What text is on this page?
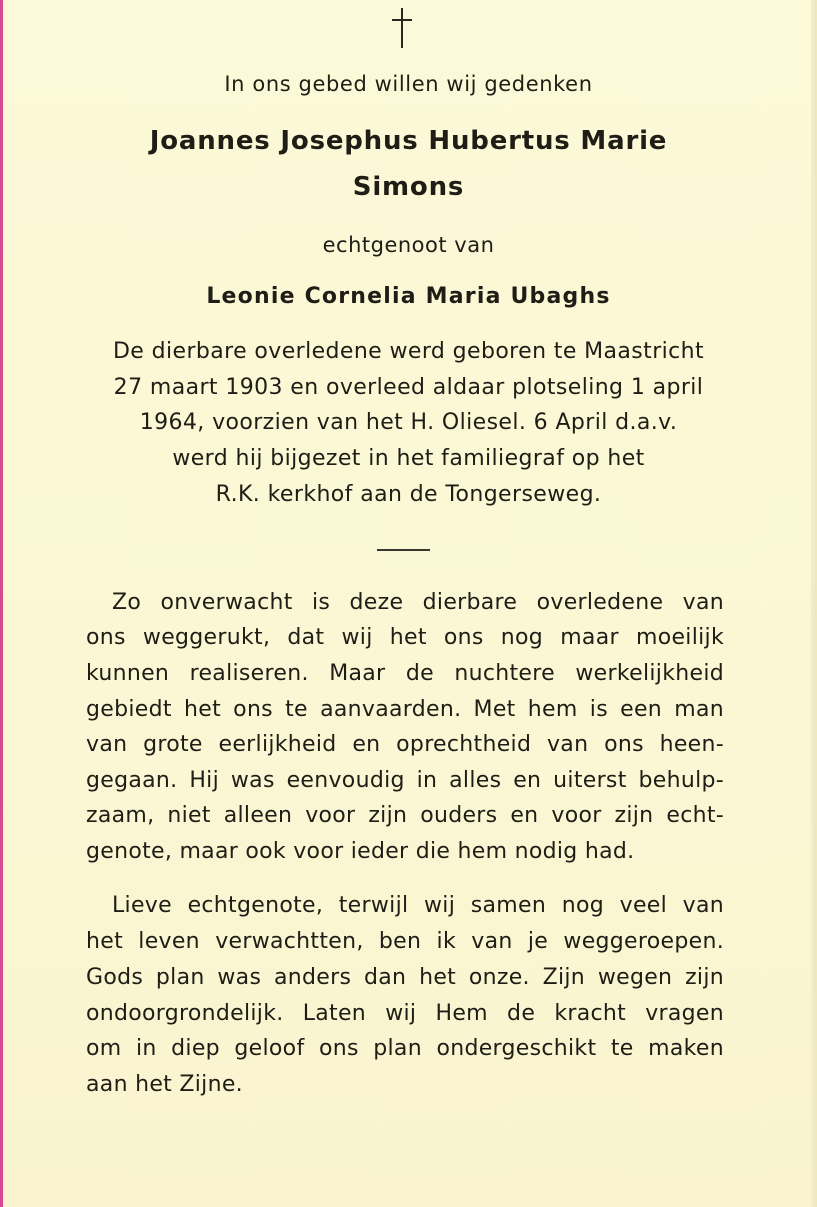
In ons gebed willen wij gedenken
Joannes Josephus Hubertus Marie
Simons
echtgenoot van
Leonie Cornelia Maria Ubaghs
De dierbare overledene werd geboren te Maastricht
27 maart 1903 en overleed aldaar plotseling 1 april
1964, voorzien van het H. Oliesel. 6 April d.a.v.
werd hij bijgezet in het familiegraf op het
R.K. kerkhof aan de Tongerseweg.
Zo onverwacht is deze dierbare overledene van
ons weggerukt, dat wij het ons nog maar moeilijk
kunnen realiseren. Maar de nuchtere werkelijkheid
gebiedt het ons te aanvaarden. Met hem is een man
van grote eerlijkheid en oprechtheid van ons heen-
gegaan. Hij was eenvoudig in alles en uiterst behulp-
zaam, niet alleen voor zijn ouders en voor zijn echt-
genote, maar ook voor ieder die hem nodig had.
Lieve echtgenote, terwijl wij samen nog veel van
het leven verwachtten, ben ik van je weggeroepen.
Gods plan was anders dan het onze. Zijn wegen zijn
ondoorgrondelijk. Laten wij Hem de kracht vragen
om in diep geloof ons plan ondergeschikt te maken
aan het Zijne.
